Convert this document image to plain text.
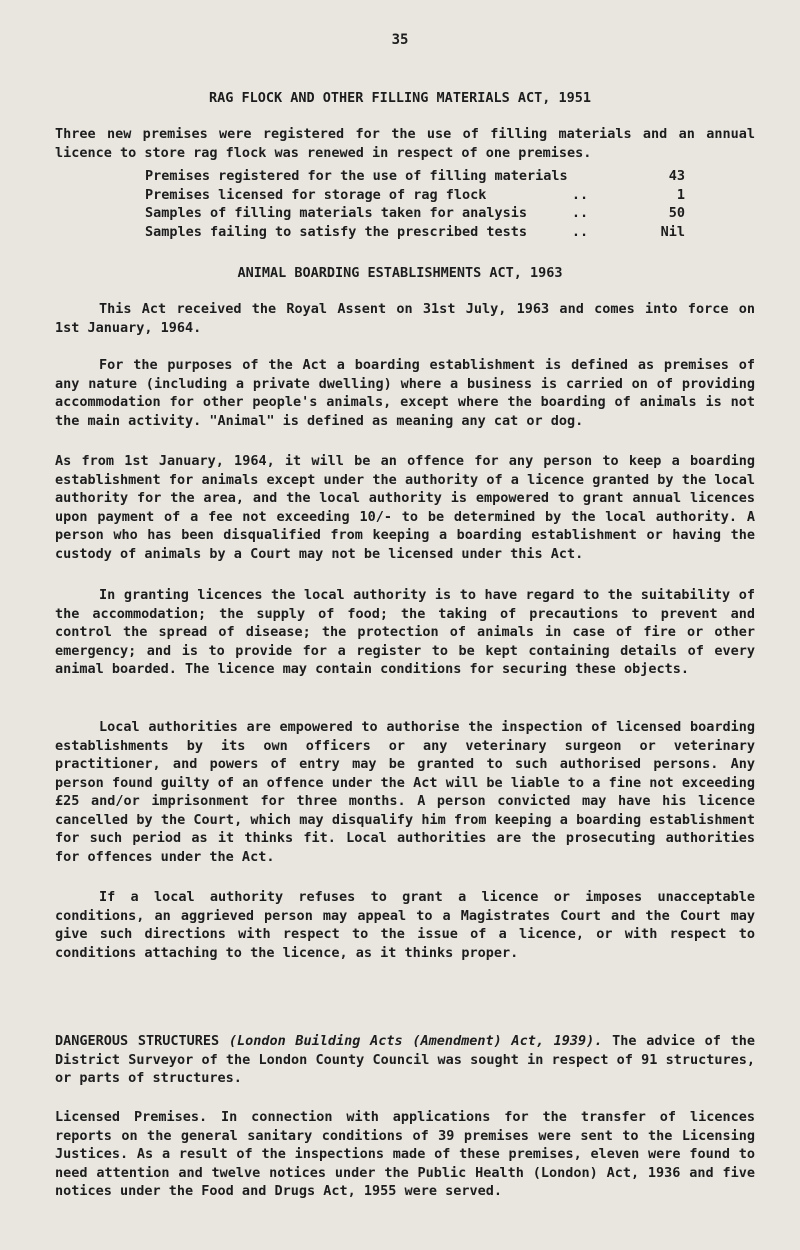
35
RAG FLOCK AND OTHER FILLING MATERIALS ACT, 1951

Three new premises were registered for the use of filling materials and an annual licence to store rag flock was renewed in respect of one premises.

Premises registered for the use of filling materials	43
Premises licensed for storage of rag flock	..	1
Samples of filling materials taken for analysis	..	50
Samples failing to satisfy the prescribed tests	..	Nil
ANIMAL BOARDING ESTABLISHMENTS ACT, 1963

This Act received the Royal Assent on 31st July, 1963 and comes into force on 1st January, 1964.

For the purposes of the Act a boarding establishment is defined as premises of any nature (including a private dwelling) where a business is carried on of providing accommodation for other people's animals, except where the boarding of animals is not the main activity. "Animal" is defined as meaning any cat or dog.

As from 1st January, 1964, it will be an offence for any person to keep a boarding establishment for animals except under the authority of a licence granted by the local authority for the area, and the local authority is empowered to grant annual licences upon payment of a fee not exceeding 10/- to be determined by the local authority. A person who has been disqualified from keeping a boarding establishment or having the custody of animals by a Court may not be licensed under this Act.

In granting licences the local authority is to have regard to the suitability of the accommodation; the supply of food; the taking of precautions to prevent and control the spread of disease; the protection of animals in case of fire or other emergency; and is to provide for a register to be kept containing details of every animal boarded. The licence may contain conditions for securing these objects.

Local authorities are empowered to authorise the inspection of licensed boarding establishments by its own officers or any veterinary surgeon or veterinary practitioner, and powers of entry may be granted to such authorised persons. Any person found guilty of an offence under the Act will be liable to a fine not exceeding £25 and/or imprisonment for three months. A person convicted may have his licence cancelled by the Court, which may disqualify him from keeping a boarding establishment for such period as it thinks fit. Local authorities are the prosecuting authorities for offences under the Act.

If a local authority refuses to grant a licence or imposes unacceptable conditions, an aggrieved person may appeal to a Magistrates Court and the Court may give such directions with respect to the issue of a licence, or with respect to conditions attaching to the licence, as it thinks proper.

DANGEROUS STRUCTURES (London Building Acts (Amendment) Act, 1939). The advice of the District Surveyor of the London County Council was sought in respect of 91 structures, or parts of structures.

Licensed Premises. In connection with applications for the transfer of licences reports on the general sanitary conditions of 39 premises were sent to the Licensing Justices. As a result of the inspections made of these premises, eleven were found to need attention and twelve notices under the Public Health (London) Act, 1936 and five notices under the Food and Drugs Act, 1955 were served.
